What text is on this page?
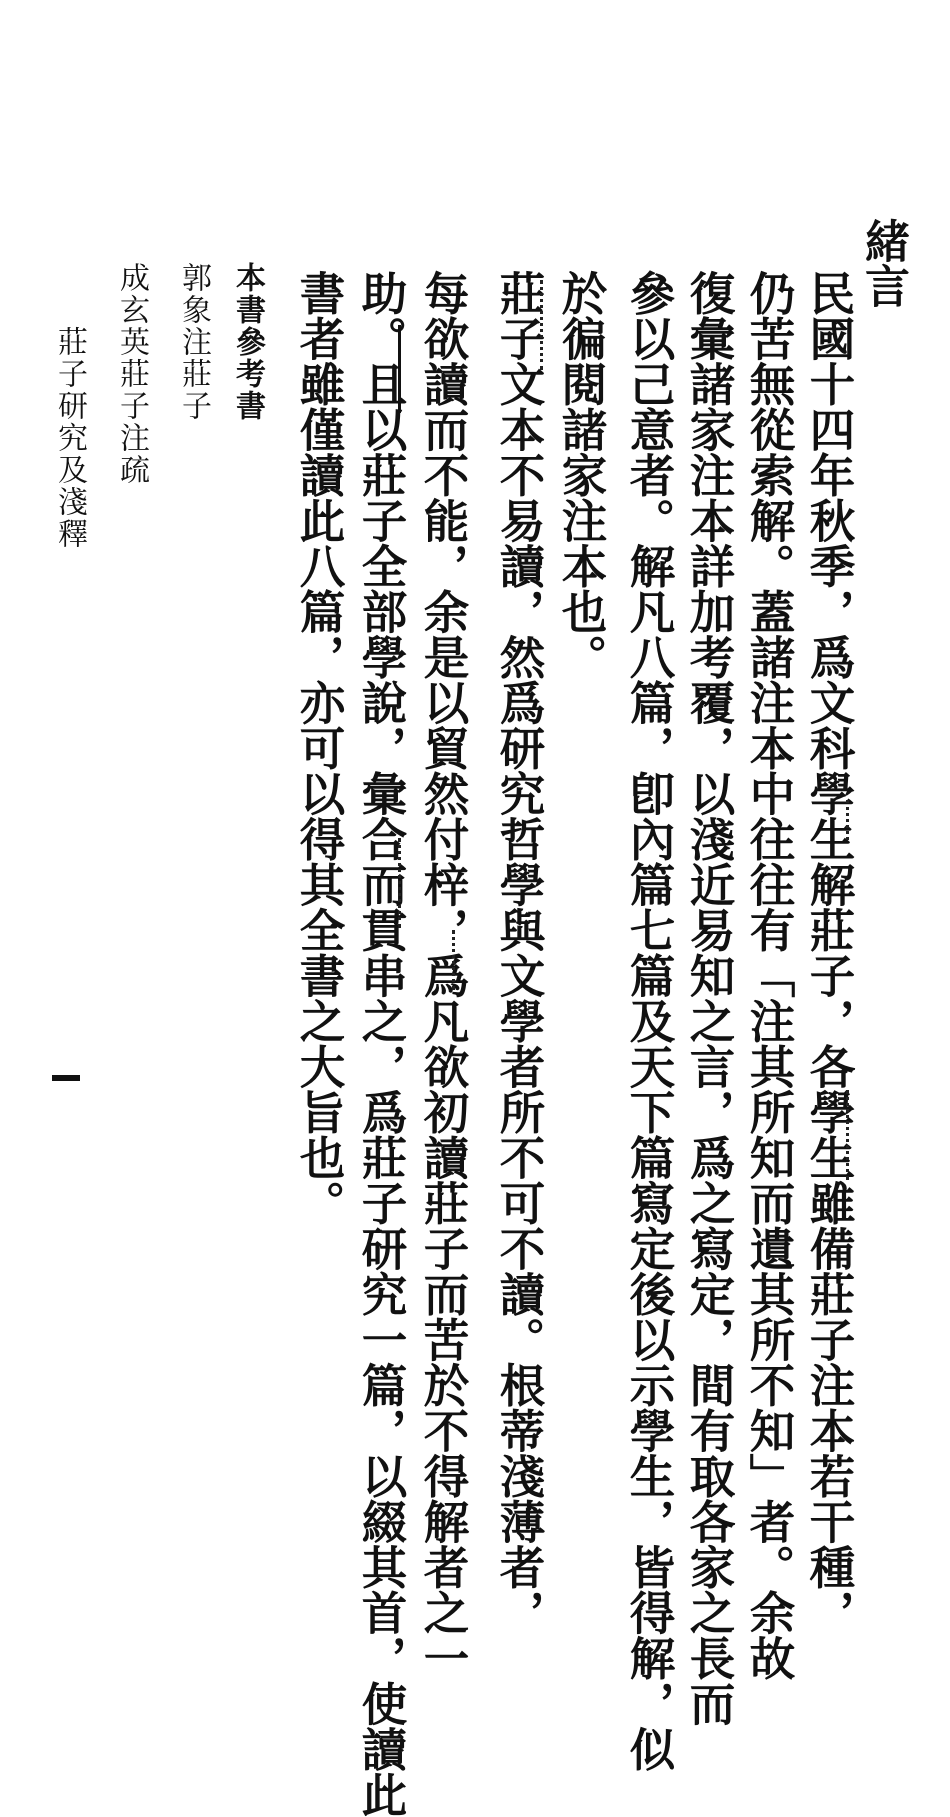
緒言
民國十四年秋季，爲文科學生解莊子，各學生雖備莊子注本若干種，
仍苦無從索解。蓋諸注本中往往有「注其所知而遺其所不知」者。余故
復彙諸家注本詳加考覆，以淺近易知之言，爲之寫定，間有取各家之長而
參以己意者。解凡八篇，卽內篇七篇及天下篇寫定後以示學生，皆得解，似
於徧閱諸家注本也。
莊子文本不易讀，然爲研究哲學與文學者所不可不讀。根蒂淺薄者，
每欲讀而不能，余是以貿然付梓，爲凡欲初讀莊子而苦於不得解者之一
助。且以莊子全部學說，彙合而貫串之，爲莊子研究一篇，以綴其首，使讀此
書者雖僅讀此八篇，亦可以得其全書之大旨也。
本書參考書
郭象注莊子
成玄英莊子注疏
莊子研究及淺釋
